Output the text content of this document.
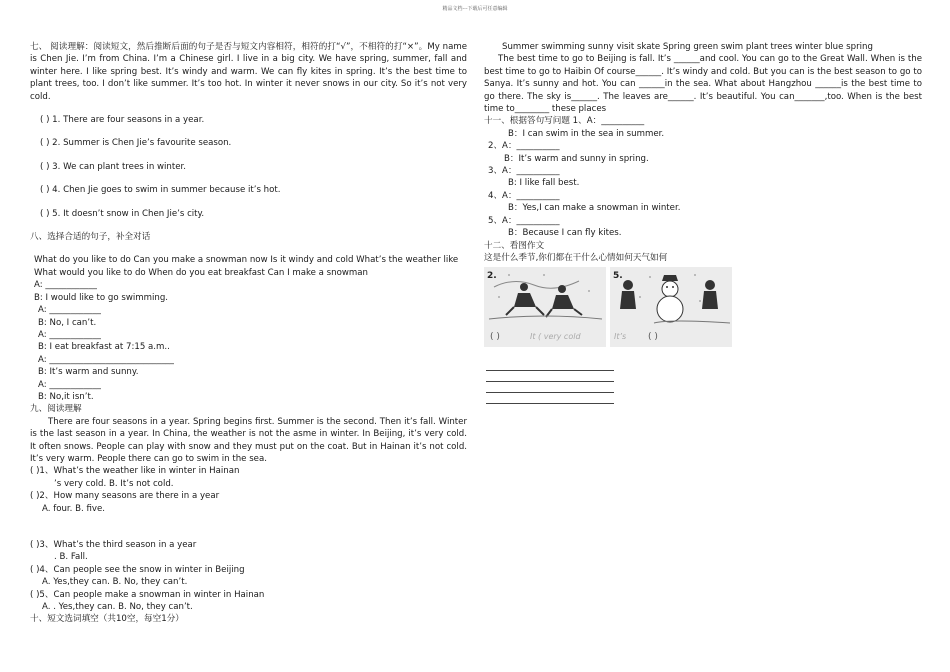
精品文档---下载后可任意编辑

七、 阅读理解：阅读短文，然后推断后面的句子是否与短文内容相符，相符的打“√”，不相符的打“×”。My name is Chen Jie. I’m from China. I’m a Chinese girl. I live in a big city. We have spring, summer, fall and winter here. I like spring best. It’s windy and warm. We can fly kites in spring. It’s the best time to plant trees, too. I don’t like summer. It’s too hot. In winter it never snows in our city. So it’s not very cold.

( ) 1. There are four seasons in a year.

( ) 2. Summer is Chen Jie’s favourite season.

( ) 3. We can plant trees in winter.

( ) 4. Chen Jie goes to swim in summer because it’s hot.

( ) 5. It doesn’t snow in Chen Jie’s city.

八、选择合适的句子，补全对话

What do you like to do Can you make a snowman now Is it windy and cold What’s the weather like What would you like to do When do you eat breakfast Can I make a snowman

A: ____________

B: I would like to go swimming.

A: ____________

B: No, I can’t.

A: ____________

B: I eat breakfast at 7:15 a.m..

A: _____________________________

B: It’s warm and sunny.

A: ____________

B: No,it isn’t.

九、阅读理解

There are four seasons in a year. Spring begins first. Summer is the second. Then it’s fall. Winter is the last season in a year. In China, the weather is not the asme in winter. In Beijing, it’s very cold. It often snows. People can play with snow and they must put on the coat. But in Hainan it’s not cold. It’s very warm. People there can go to swim in the sea.

( )1、What’s the weather like in winter in Hainan

’s very cold. B. It’s not cold.

( )2、How many seasons are there in a year

A. four. B. five.

( )3、What’s the third season in a year

. B. Fall.

( )4、Can people see the snow in winter in Beijing

A. Yes,they can. B. No, they can’t.

( )5、Can people make a snowman in winter in Hainan

A. . Yes,they can. B. No, they can’t.

十、短文选词填空（共10空，每空1分）

Summer swimming sunny visit skate Spring green swim plant trees winter blue spring

The best time to go to Beijing is fall. It’s ______and cool. You can go to the Great Wall. When is the best time to go to Haibin Of course______. It’s windy and cold. But you can is the best season to go to Sanya. It’s sunny and hot. You can ______in the sea. What about Hangzhou ______is the best time to go there. The sky is______. The leaves are______. It’s beautiful. You can_______,too. When is the best time to________ these places

十一、根据答句写问题 1、A：__________

B：I can swim in the sea in summer.

2、A：__________

B：It’s warm and sunny in spring.

3、A：__________

B: I like fall best.

4、A：__________

B：Yes,I can make a snowman in winter.

5、A：__________

B：Because I can fly kites.

十二、看图作文

这是什么季节,你们都在干什么心情如何天气如何

2.
( )	It ( very cold
5.
It’s ( )
